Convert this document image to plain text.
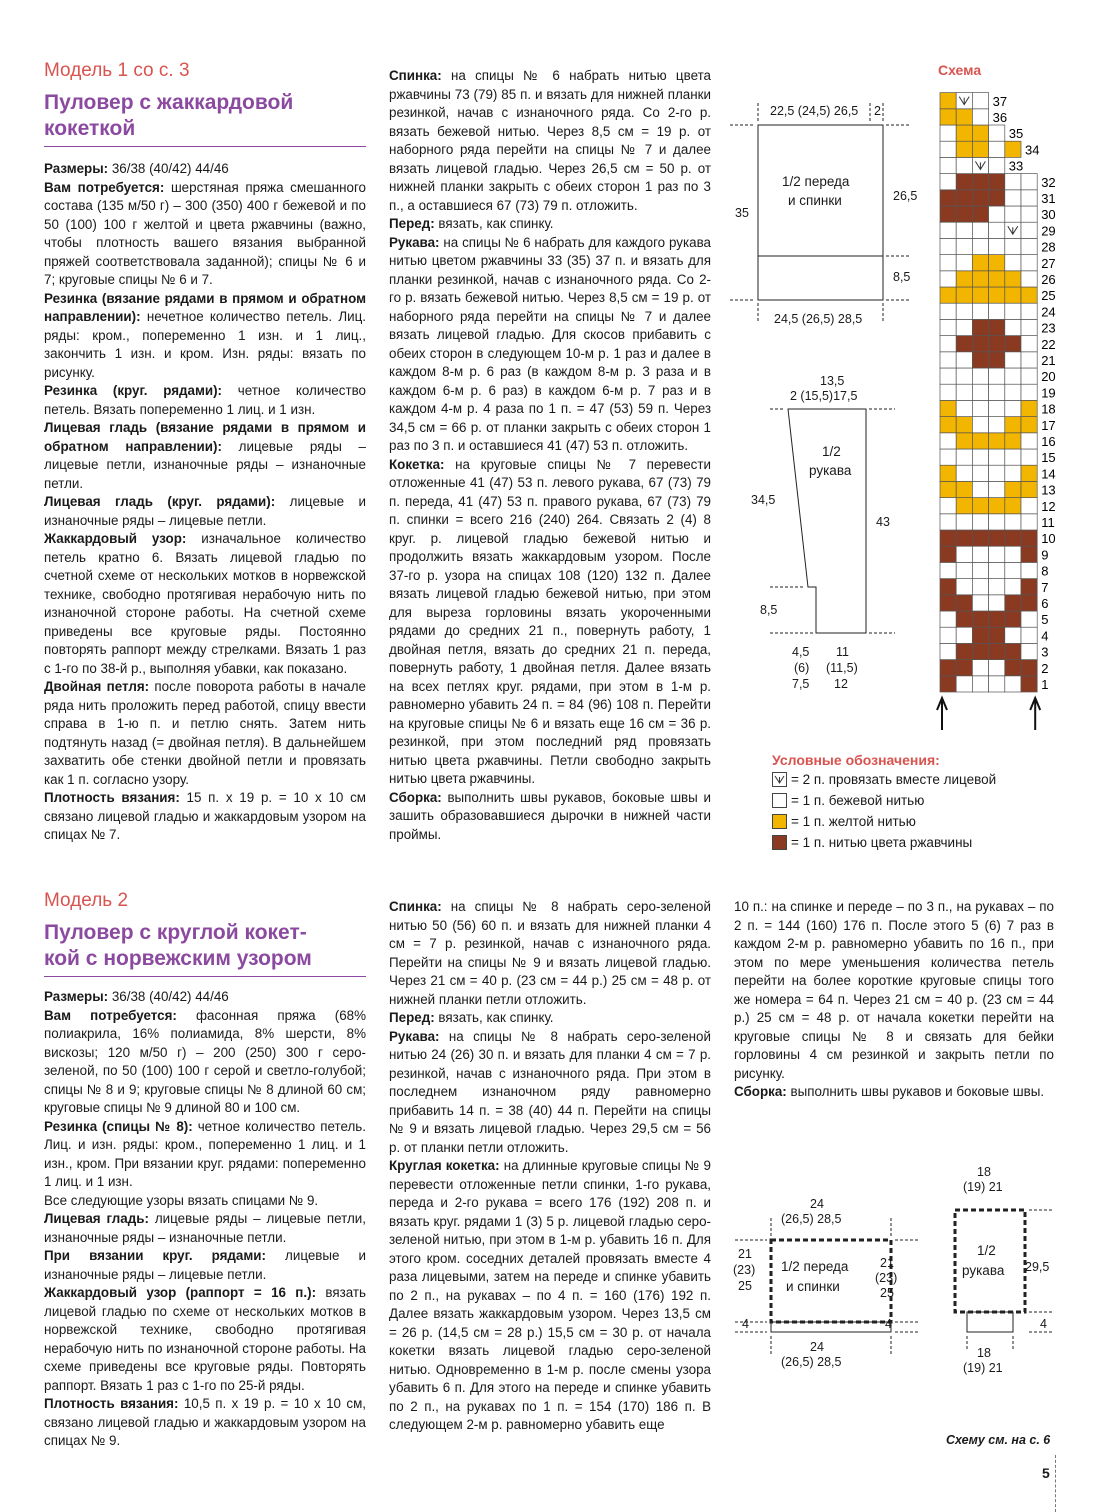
Модель 1 со с. 3
Пуловер с жаккардовой
кокеткой

Размеры: 36/38 (40/42) 44/46

Вам потребуется: шерстяная пряжа смешанного состава (135 м/50 г) – 300 (350) 400 г бежевой и по 50 (100) 100 г желтой и цвета ржавчины (важно, чтобы плотность вашего вязания выбранной пряжей соответствовала заданной); спицы № 6 и 7; круговые спицы № 6 и 7.

Резинка (вязание рядами в прямом и обратном направлении): нечетное количество петель. Лиц. ряды: кром., попеременно 1 изн. и 1 лиц., закончить 1 изн. и кром. Изн. ряды: вязать по рисунку.

Резинка (круг. рядами): четное количество петель. Вязать попеременно 1 лиц. и 1 изн.

Лицевая гладь (вязание рядами в прямом и обратном направлении): лицевые ряды – лицевые петли, изнаночные ряды – изнаночные петли.

Лицевая гладь (круг. рядами): лицевые и изнаночные ряды – лицевые петли.

Жаккардовый узор: изначальное количество петель кратно 6. Вязать лицевой гладью по счетной схеме от нескольких мотков в норвежской технике, свободно протягивая нерабочую нить по изнаночной стороне работы. На счетной схеме приведены все круговые ряды. Постоянно повторять раппорт между стрелками. Вязать 1 раз с 1-го по 38-й р., выполняя убавки, как показано.

Двойная петля: после поворота работы в начале ряда нить проложить перед работой, спицу ввести справа в 1-ю п. и петлю снять. Затем нить подтянуть назад (= двойная петля). В дальнейшем захватить обе стенки двойной петли и провязать как 1 п. согласно узору.

Плотность вязания: 15 п. х 19 р. = 10 х 10 см связано лицевой гладью и жаккардовым узором на спицах № 7.

Спинка: на спицы № 6 набрать нитью цвета ржавчины 73 (79) 85 п. и вязать для нижней планки резинкой, начав с изнаночного ряда. Со 2-го р. вязать бежевой нитью. Через 8,5 см = 19 р. от наборного ряда перейти на спицы № 7 и далее вязать лицевой гладью. Через 26,5 см = 50 р. от нижней планки закрыть с обеих сторон 1 раз по 3 п., а оставшиеся 67 (73) 79 п. отложить.

Перед: вязать, как спинку.

Рукава: на спицы № 6 набрать для каждого рукава нитью цветом ржавчины 33 (35) 37 п. и вязать для планки резинкой, начав с изнаночного ряда. Со 2-го р. вязать бежевой нитью. Через 8,5 см = 19 р. от наборного ряда перейти на спицы № 7 и далее вязать лицевой гладью. Для скосов прибавить с обеих сторон в следующем 10-м р. 1 раз и далее в каждом 8-м р. 6 раз (в каждом 8-м р. 3 раза и в каждом 6-м р. 6 раз) в каждом 6-м р. 7 раз и в каждом 4-м р. 4 раза по 1 п. = 47 (53) 59 п. Через 34,5 см = 66 р. от планки закрыть с обеих сторон 1 раз по 3 п. и оставшиеся 41 (47) 53 п. отложить.

Кокетка: на круговые спицы № 7 перевести отложенные 41 (47) 53 п. левого рукава, 67 (73) 79 п. переда, 41 (47) 53 п. правого рукава, 67 (73) 79 п. спинки = всего 216 (240) 264. Связать 2 (4) 8 круг. р. лицевой гладью бежевой нитью и продолжить вязать жаккардовым узором. После 37-го р. узора на спицах 108 (120) 132 п. Далее вязать лицевой гладью бежевой нитью, при этом для выреза горловины вязать укороченными рядами до средних 21 п., повернуть работу, 1 двойная петля, вязать до средних 21 п. переда, повернуть работу, 1 двойная петля. Далее вязать на всех петлях круг. рядами, при этом в 1-м р. равномерно убавить 24 п. = 84 (96) 108 п. Перейти на круговые спицы № 6 и вязать еще 16 см = 36 р. резинкой, при этом последний ряд провязать нитью цвета ржавчины. Петли свободно закрыть нитью цвета ржавчины.

Сборка: выполнить швы рукавов, боковые швы и зашить образовавшиеся дырочки в нижней части проймы.

22,5 (24,5) 26,5 2
1/2 переда
и спинки
35
26,5
8,5
24,5 (26,5) 28,5
13,5
2 (15,5)17,5
1/2
рукава
34,5
8,5
43
4,5
(6)
7,5
11
(11,5)
12
Схема
1
2
3
4
5
6
7
8
9
10
11
12
13
14
15
16
17
18
19
20
21
22
23
24
25
26
27
28
29
30
31
32
33
34
35
36
37
Условные обозначения:
= 2 п. провязать вместе лицевой
= 1 п. бежевой нитью
= 1 п. желтой нитью
= 1 п. нитью цвета ржавчины
Модель 2
Пуловер с круглой кокет-
кой с норвежским узором

Размеры: 36/38 (40/42) 44/46

Вам потребуется: фасонная пряжа (68% полиакрила, 16% полиамида, 8% шерсти, 8% вискозы; 120 м/50 г) – 200 (250) 300 г серо-зеленой, по 50 (100) 100 г серой и светло-голубой; спицы № 8 и 9; круговые спицы № 8 длиной 60 см; круговые спицы № 9 длиной 80 и 100 см.

Резинка (спицы № 8): четное количество петель. Лиц. и изн. ряды: кром., попеременно 1 лиц. и 1 изн., кром. При вязании круг. рядами: попеременно 1 лиц. и 1 изн.

Все следующие узоры вязать спицами № 9.

Лицевая гладь: лицевые ряды – лицевые петли, изнаночные ряды – изнаночные петли.

При вязании круг. рядами: лицевые и изнаночные ряды – лицевые петли.

Жаккардовый узор (раппорт = 16 п.): вязать лицевой гладью по схеме от нескольких мотков в норвежской технике, свободно протягивая нерабочую нить по изнаночной стороне работы. На схеме приведены все круговые ряды. Повторять раппорт. Вязать 1 раз с 1-го по 25-й ряды.

Плотность вязания: 10,5 п. х 19 р. = 10 х 10 см, связано лицевой гладью и жаккардовым узором на спицах № 9.

Спинка: на спицы № 8 набрать серо-зеленой нитью 50 (56) 60 п. и вязать для нижней планки 4 см = 7 р. резинкой, начав с изнаночного ряда. Перейти на спицы № 9 и вязать лицевой гладью. Через 21 см = 40 р. (23 см = 44 р.) 25 см = 48 р. от нижней планки петли отложить.

Перед: вязать, как спинку.

Рукава: на спицы № 8 набрать серо-зеленой нитью 24 (26) 30 п. и вязать для планки 4 см = 7 р. резинкой, начав с изнаночного ряда. При этом в последнем изнаночном ряду равномерно прибавить 14 п. = 38 (40) 44 п. Перейти на спицы № 9 и вязать лицевой гладью. Через 29,5 см = 56 р. от планки петли отложить.

Круглая кокетка: на длинные круговые спицы № 9 перевести отложенные петли спинки, 1-го рукава, переда и 2-го рукава = всего 176 (192) 208 п. и вязать круг. рядами 1 (3) 5 р. лицевой гладью серо-зеленой нитью, при этом в 1-м р. убавить 16 п. Для этого кром. соседних деталей провязать вместе 4 раза лицевыми, затем на переде и спинке убавить по 2 п., на рукавах – по 4 п. = 160 (176) 192 п. Далее вязать жаккардовым узором. Через 13,5 см = 26 р. (14,5 см = 28 р.) 15,5 см = 30 р. от начала кокетки вязать лицевой гладью серо-зеленой нитью. Одновременно в 1-м р. после смены узора убавить 6 п. Для этого на переде и спинке убавить по 2 п., на рукавах по 1 п. = 154 (170) 186 п. В следующем 2-м р. равномерно убавить еще

10 п.: на спинке и переде – по 3 п., на рукавах – по 2 п. = 144 (160) 176 п. После этого 5 (6) 7 раз в каждом 2-м р. равномерно убавить по 16 п., при этом по мере уменьшения количества петель перейти на более короткие круговые спицы того же номера = 64 п. Через 21 см = 40 р. (23 см = 44 р.) 25 см = 48 р. от начала кокетки перейти на круговые спицы № 8 и связать для бейки горловины 4 см резинкой и закрыть петли по рисунку.

Сборка: выполнить швы рукавов и боковые швы.

24
(26,5) 28,5
1/2 переда
и спинки
21
(23)
25
21
(23)
25
4	4
24
(26,5) 28,5
18
(19) 21
1/2
рукава 29,5
4
18
(19) 21
Схему см. на с. 6
5
